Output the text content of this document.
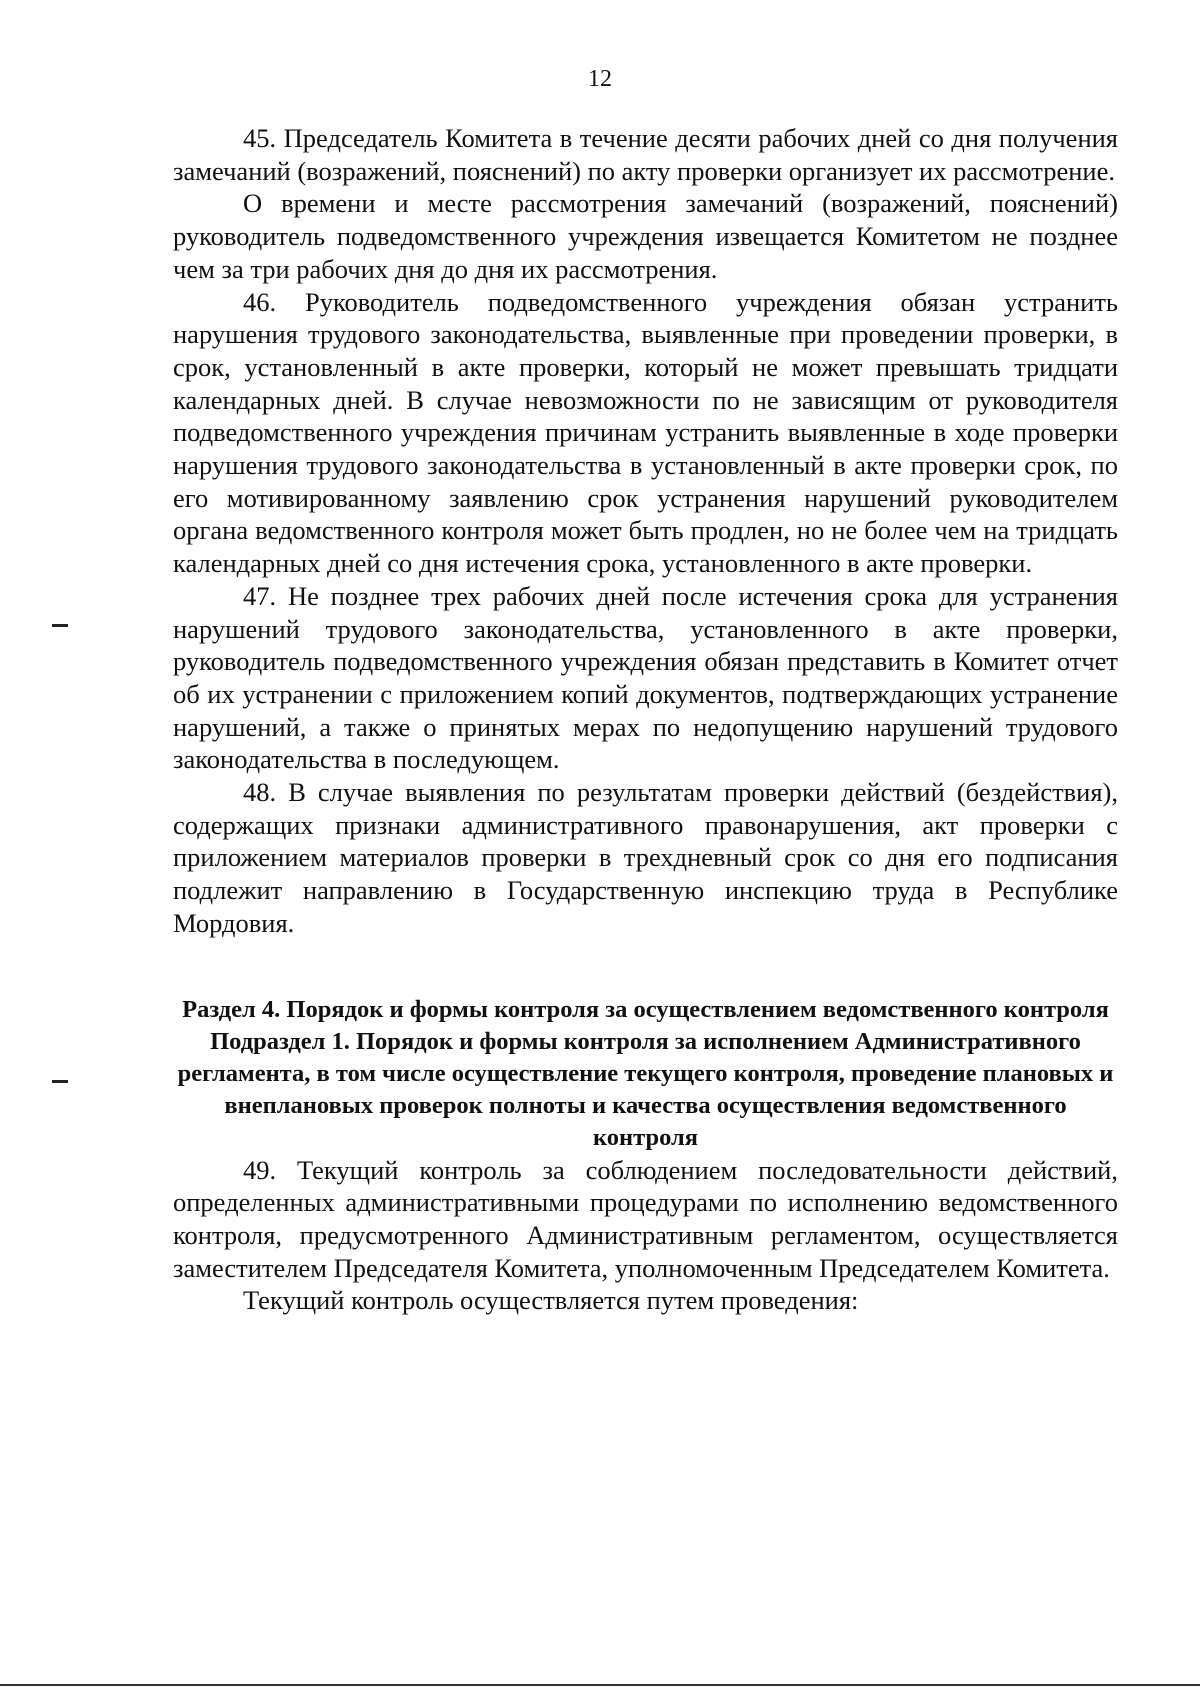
12

45. Председатель Комитета в течение десяти рабочих дней со дня получения замечаний (возражений, пояснений) по акту проверки организует их рассмотрение.

О времени и месте рассмотрения замечаний (возражений, пояснений) руководитель подведомственного учреждения извещается Комитетом не позднее чем за три рабочих дня до дня их рассмотрения.

46. Руководитель подведомственного учреждения обязан устранить нарушения трудового законодательства, выявленные при проведении проверки, в срок, установленный в акте проверки, который не может превышать тридцати календарных дней. В случае невозможности по не зависящим от руководителя подведомственного учреждения причинам устранить выявленные в ходе проверки нарушения трудового законодательства в установленный в акте проверки срок, по его мотивированному заявлению срок устранения нарушений руководителем органа ведомственного контроля может быть продлен, но не более чем на тридцать календарных дней со дня истечения срока, установленного в акте проверки.

47. Не позднее трех рабочих дней после истечения срока для устранения нарушений трудового законодательства, установленного в акте проверки, руководитель подведомственного учреждения обязан представить в Комитет отчет об их устранении с приложением копий документов, подтверждающих устранение нарушений, а также о принятых мерах по недопущению нарушений трудового законодательства в последующем.

48. В случае выявления по результатам проверки действий (бездействия), содержащих признаки административного правонарушения, акт проверки с приложением материалов проверки в трехдневный срок со дня его подписания подлежит направлению в Государственную инспекцию труда в Республике Мордовия.

Раздел 4. Порядок и формы контроля за осуществлением ведомственного контроля
Подраздел 1. Порядок и формы контроля за исполнением Административного регламента, в том числе осуществление текущего контроля, проведение плановых и внеплановых проверок полноты и качества осуществления ведомственного контроля

49. Текущий контроль за соблюдением последовательности действий, определенных административными процедурами по исполнению ведомственного контроля, предусмотренного Административным регламентом, осуществляется заместителем Председателя Комитета, уполномоченным Председателем Комитета.

Текущий контроль осуществляется путем проведения:
